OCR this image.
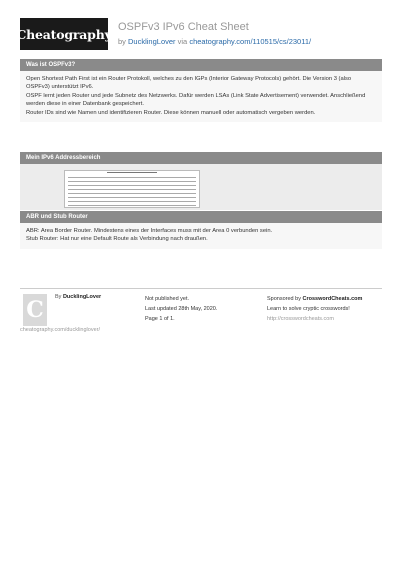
Cheatography OSPFv3 IPv6 Cheat Sheet
by DucklingLover via cheatography.com/110515/cs/23011/
Was ist OSPFv3?

Open Shortest Path First ist ein Router Protokoll, welches zu den IGPs (Interior Gateway Protocols) gehört. Die Version 3 (also OSPFv3) unterstützt IPv6.

OSPF lernt jeden Router und jede Subnetz des Netzwerks. Dafür werden LSAs (Link State Advertisement) verwendet. Anschließend werden diese in einer Datenbank gespeichert.

Router IDs sind wie Namen und identifizieren Router. Diese können manuell oder automatisch vergeben werden.

Mein IPv6 Addressbereich
ABR und Stub Router

ABR: Area Border Router. Mindestens eines der Interfaces muss mit der Area 0 verbunden sein.

Stub Router: Hat nur eine Default Route als Verbindung nach draußen.

C	By DucklingLover	Not published yet.
Last updated 28th May, 2020.
Page 1 of 1.
Sponsored by CrosswordCheats.com
Learn to solve cryptic crosswords!
http://crosswordcheats.com
cheatography.com/ducklinglover/
